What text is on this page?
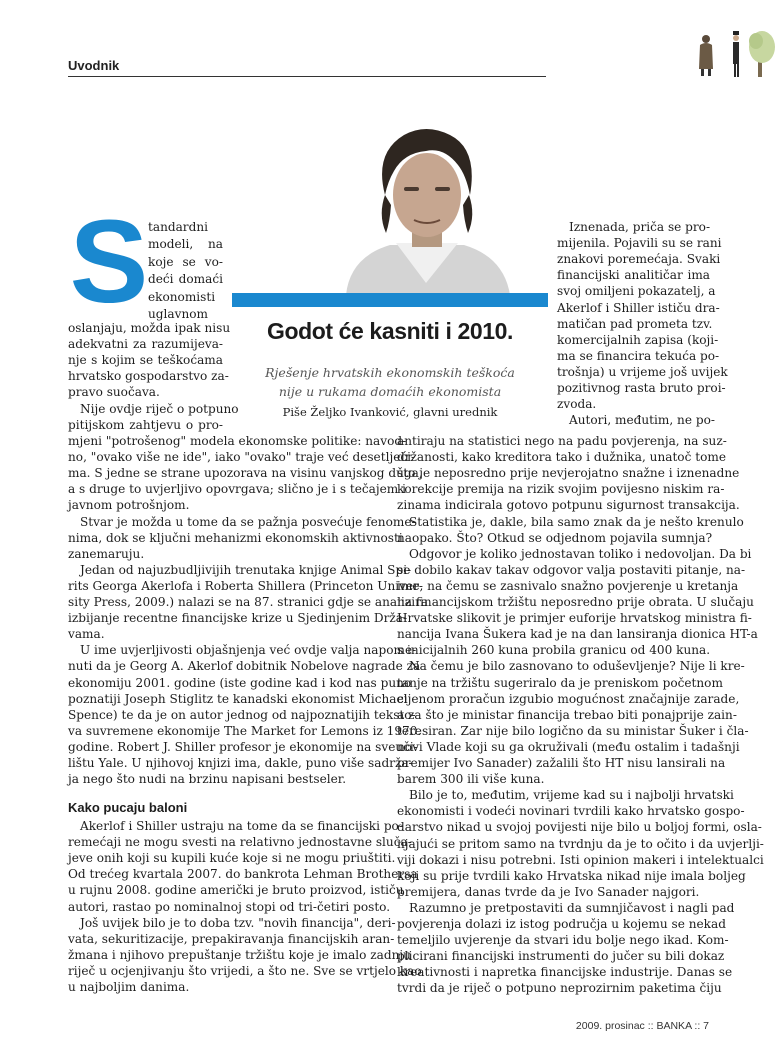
Uvodnik
Godot će kasniti i 2010.
Rješenje hrvatskih ekonomskih teškoća
nije u rukama domaćih ekonomista
Piše Željko Ivanković, glavni urednik
S tandardni
modeli, na
koje se vo-
deći domaći
ekonomisti
uglavnom
oslanjaju, možda ipak nisu
adekvatni za razumijeva-
nje s kojim se teškoćama
hrvatsko gospodarstvo za-
pravo suočava.
Nije ovdje riječ o potpuno
pitijskom zahtjevu o pro-
mjeni "potrošenog" modela ekonomske politike: navod-
no, "ovako više ne ide", iako "ovako" traje već desetljeći-
ma. S jedne se strane upozorava na visinu vanjskog duga,
a s druge to uvjerljivo opovrgava; slično je i s tečajem i
javnom potrošnjom.
Stvar je možda u tome da se pažnja posvećuje fenome-
nima, dok se ključni mehanizmi ekonomskih aktivnosti
zanemaruju.
Jedan od najuzbudljivijih trenutaka knjige Animal Spi-
rits Georga Akerlofa i Roberta Shillera (Princeton Univer-
sity Press, 2009.) nalazi se na 87. stranici gdje se analizira
izbijanje recentne financijske krize u Sjedinjenim Drža-
vama.
U ime uvjerljivosti objašnjenja već ovdje valja napome-
nuti da je Georg A. Akerlof dobitnik Nobelove nagrade za
ekonomiju 2001. godine (iste godine kad i kod nas puno
poznatiji Joseph Stiglitz te kanadski ekonomist Michael
Spence) te da je on autor jednog od najpoznatijih teksto-
va suvremene ekonomije The Market for Lemons iz 1970.
godine. Robert J. Shiller profesor je ekonomije na sveuči-
lištu Yale. U njihovoj knjizi ima, dakle, puno više sadrža-
ja nego što nudi na brzinu napisani bestseler.
Kako pucaju baloni
Akerlof i Shiller ustraju na tome da se financijski po-
remećaji ne mogu svesti na relativno jednostavne sluča-
jeve onih koji su kupili kuće koje si ne mogu priuštiti.
Od trećeg kvartala 2007. do bankrota Lehman Brothersa
u rujnu 2008. godine američki je bruto proizvod, ističu
autori, rastao po nominalnoj stopi od tri-četiri posto.
Još uvijek bilo je to doba tzv. "novih financija", deri-
vata, sekuritizacije, prepakiravanja financijskih aran-
žmana i njihovo prepuštanje tržištu koje je imalo zadnju
riječ u ocjenjivanju što vrijedi, a što ne. Sve se vrtjelo kao
u najboljim danima.
Iznenada, priča se pro-
mijenila. Pojavili su se rani
znakovi poremećaja. Svaki
financijski analitičar ima
svoj omiljeni pokazatelj, a
Akerlof i Shiller ističu dra-
matičan pad prometa tzv.
komercijalnih zapisa (koji-
ma se financira tekuća po-
trošnja) u vrijeme još uvijek
pozitivnog rasta bruto proi-
zvoda.
Autori, međutim, ne po-
antiraju na statistici nego na padu povjerenja, na suz-
držanosti, kako kreditora tako i dužnika, unatoč tome
što je neposredno prije nevjerojatno snažne i iznenadne
korekcije premija na rizik svojim povijesno niskim ra-
zinama indicirala gotovo potpunu sigurnost transakcija.
Statistika je, dakle, bila samo znak da je nešto krenulo
naopako. Što? Otkud se odjednom pojavila sumnja?
Odgovor je koliko jednostavan toliko i nedovoljan. Da bi
se dobilo kakav takav odgovor valja postaviti pitanje, na-
ime, na čemu se zasnivalo snažno povjerenje u kretanja
na financijskom tržištu neposredno prije obrata. U slučaju
Hrvatske slikovit je primjer euforije hrvatskog ministra fi-
nancija Ivana Šukera kad je na dan lansiranja dionica HT-a
s inicijalnih 260 kuna probila granicu od 400 kuna.
Na čemu je bilo zasnovano to oduševljenje? Nije li kre-
tanje na tržištu sugeriralo da je preniskom početnom
cijenom proračun izgubio mogućnost značajnije zarade,
a za što je ministar financija trebao biti ponajprije zain-
teresiran. Zar nije bilo logično da su ministar Šuker i čla-
novi Vlade koji su ga okruživali (među ostalim i tadašnji
premijer Ivo Sanader) zažalili što HT nisu lansirali na
barem 300 ili više kuna.
Bilo je to, međutim, vrijeme kad su i najbolji hrvatski
ekonomisti i vodeći novinari tvrdili kako hrvatsko gospo-
darstvo nikad u svojoj povijesti nije bilo u boljoj formi, osla-
njajući se pritom samo na tvrdnju da je to očito i da uvjerlji-
viji dokazi i nisu potrebni. Isti opinion makeri i intelektualci
koji su prije tvrdili kako Hrvatska nikad nije imala boljeg
premijera, danas tvrde da je Ivo Sanader najgori.
Razumno je pretpostaviti da sumnjičavost i nagli pad
povjerenja dolazi iz istog područja u kojemu se nekad
temeljilo uvjerenje da stvari idu bolje nego ikad. Kom-
plicirani financijski instrumenti do jučer su bili dokaz
kreativnosti i napretka financijske industrije. Danas se
tvrdi da je riječ o potpuno neprozirnim paketima čiju
2009. prosinac :: BANKA :: 7
